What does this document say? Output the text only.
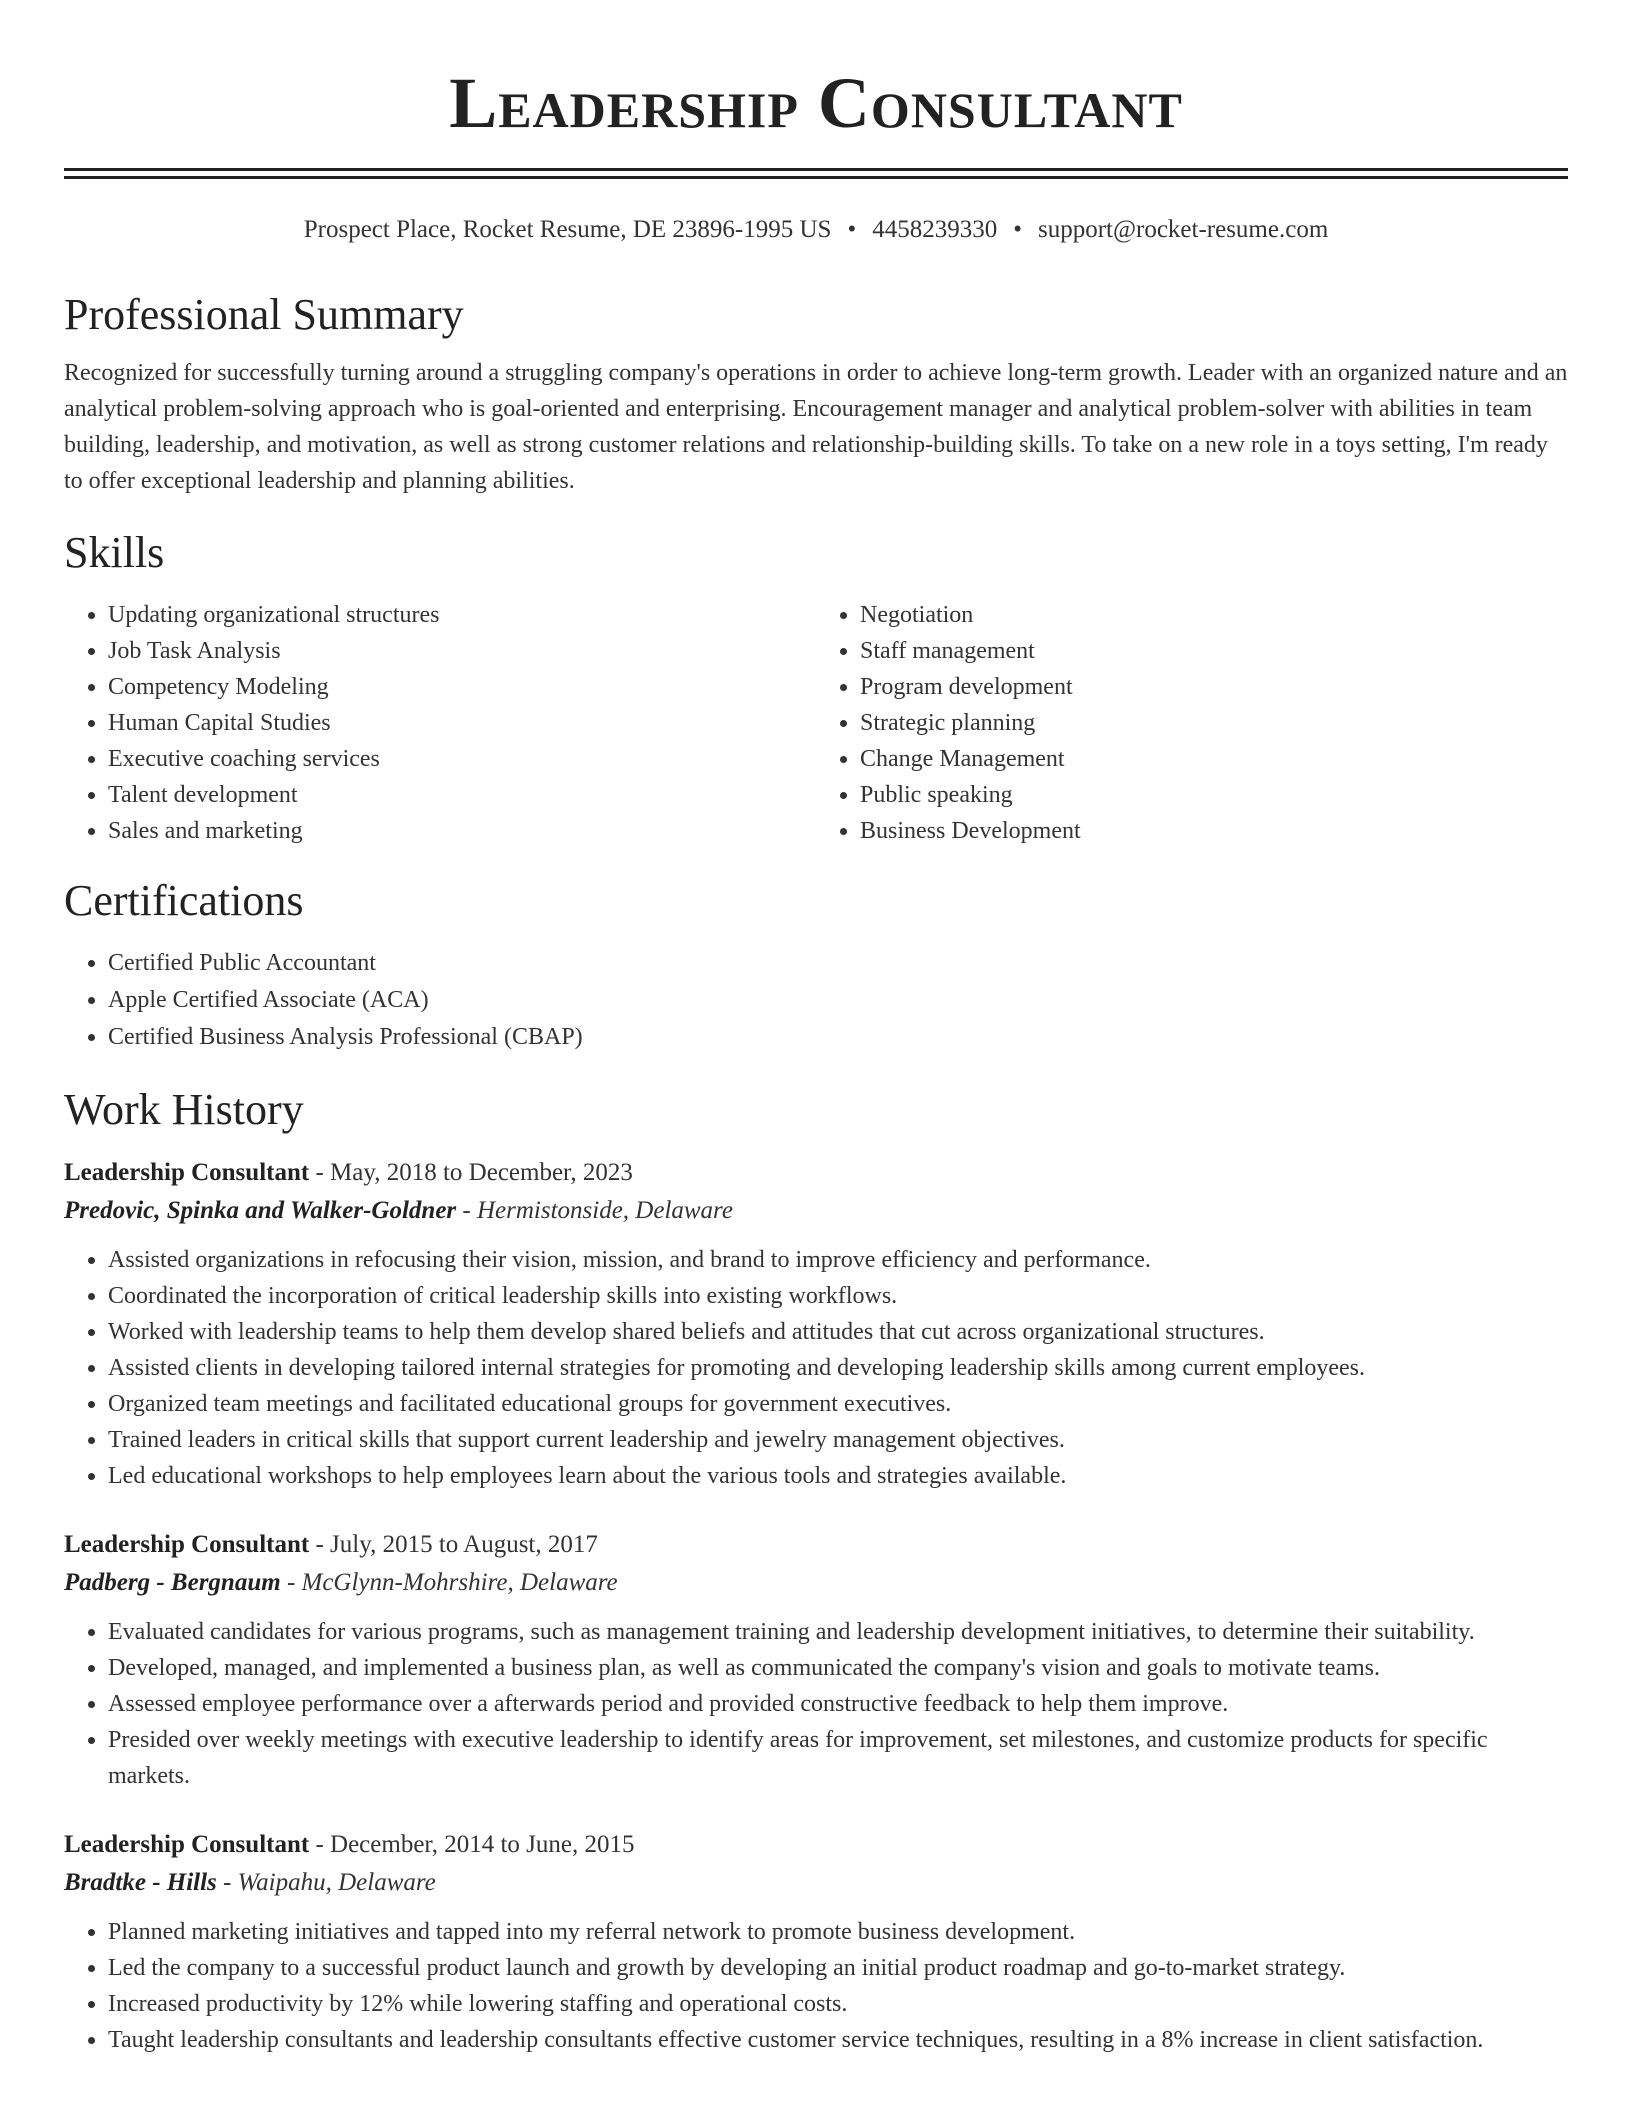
Leadership Consultant
Prospect Place, Rocket Resume, DE 23896-1995 US • 4458239330 • support@rocket-resume.com
Professional Summary
Recognized for successfully turning around a struggling company's operations in order to achieve long-term growth. Leader with an organized nature and an analytical problem-solving approach who is goal-oriented and enterprising. Encouragement manager and analytical problem-solver with abilities in team building, leadership, and motivation, as well as strong customer relations and relationship-building skills. To take on a new role in a toys setting, I'm ready to offer exceptional leadership and planning abilities.
Skills
• Updating organizational structures
• Job Task Analysis
• Competency Modeling
• Human Capital Studies
• Executive coaching services
• Talent development
• Sales and marketing
• Negotiation
• Staff management
• Program development
• Strategic planning
• Change Management
• Public speaking
• Business Development
Certifications
• Certified Public Accountant
• Apple Certified Associate (ACA)
• Certified Business Analysis Professional (CBAP)
Work History
Leadership Consultant - May, 2018 to December, 2023
Predovic, Spinka and Walker-Goldner - Hermistonside, Delaware
• Assisted organizations in refocusing their vision, mission, and brand to improve efficiency and performance.
• Coordinated the incorporation of critical leadership skills into existing workflows.
• Worked with leadership teams to help them develop shared beliefs and attitudes that cut across organizational structures.
• Assisted clients in developing tailored internal strategies for promoting and developing leadership skills among current employees.
• Organized team meetings and facilitated educational groups for government executives.
• Trained leaders in critical skills that support current leadership and jewelry management objectives.
• Led educational workshops to help employees learn about the various tools and strategies available.
Leadership Consultant - July, 2015 to August, 2017
Padberg - Bergnaum - McGlynn-Mohrshire, Delaware
• Evaluated candidates for various programs, such as management training and leadership development initiatives, to determine their suitability.
• Developed, managed, and implemented a business plan, as well as communicated the company's vision and goals to motivate teams.
• Assessed employee performance over a afterwards period and provided constructive feedback to help them improve.
• Presided over weekly meetings with executive leadership to identify areas for improvement, set milestones, and customize products for specific markets.
Leadership Consultant - December, 2014 to June, 2015
Bradtke - Hills - Waipahu, Delaware
• Planned marketing initiatives and tapped into my referral network to promote business development.
• Led the company to a successful product launch and growth by developing an initial product roadmap and go-to-market strategy.
• Increased productivity by 12% while lowering staffing and operational costs.
• Taught leadership consultants and leadership consultants effective customer service techniques, resulting in a 8% increase in client satisfaction.
